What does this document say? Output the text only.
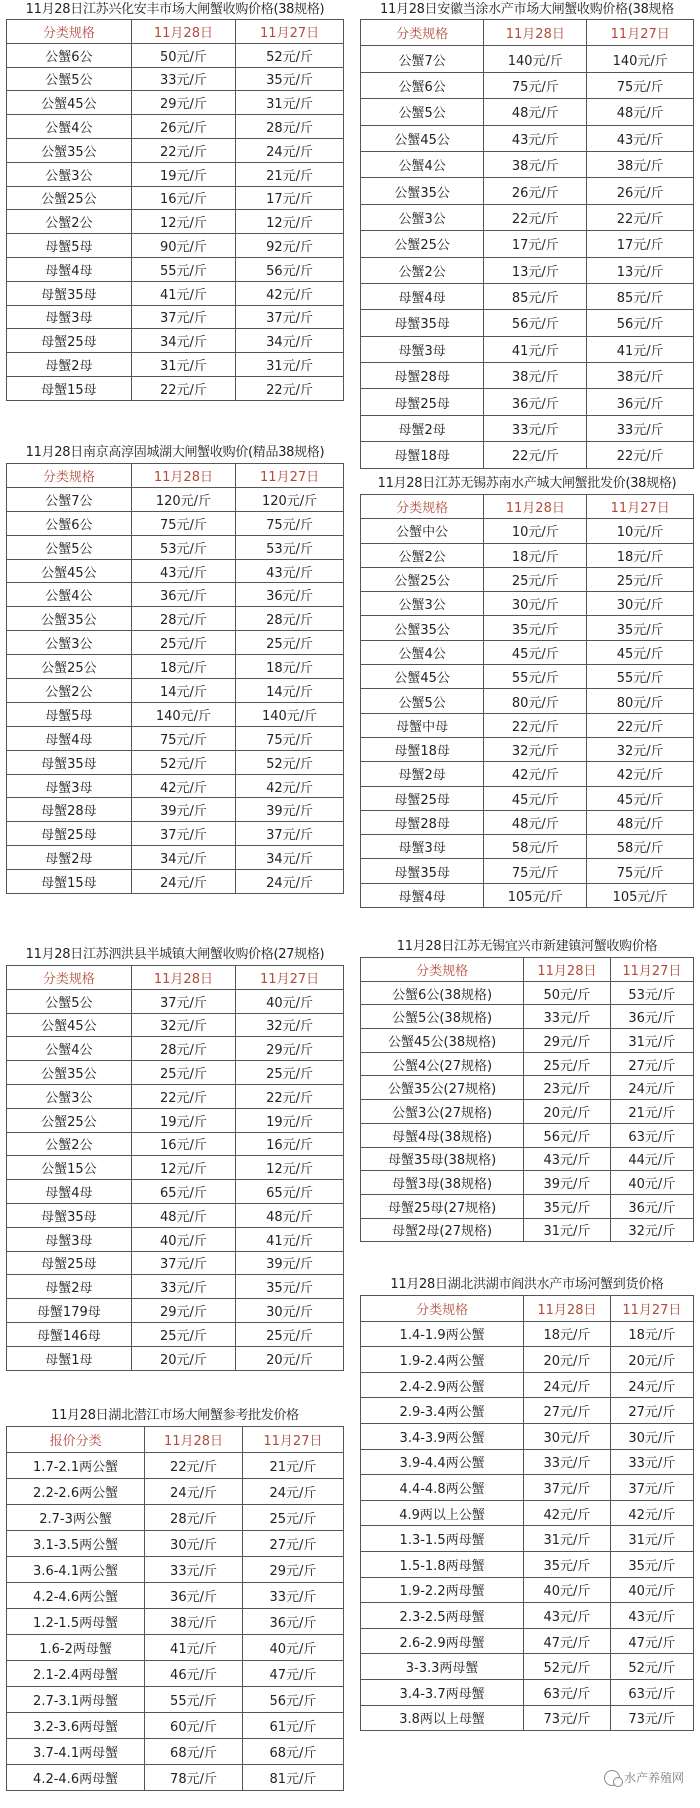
11月28日江苏兴化安丰市场大闸蟹收购价格(38规格)
分类规格	11月28日	11月27日
公蟹6公	50元/斤	52元/斤
公蟹5公	33元/斤	35元/斤
公蟹45公	29元/斤	31元/斤
公蟹4公	26元/斤	28元/斤
公蟹35公	22元/斤	24元/斤
公蟹3公	19元/斤	21元/斤
公蟹25公	16元/斤	17元/斤
公蟹2公	12元/斤	12元/斤
母蟹5母	90元/斤	92元/斤
母蟹4母	55元/斤	56元/斤
母蟹35母	41元/斤	42元/斤
母蟹3母	37元/斤	37元/斤
母蟹25母	34元/斤	34元/斤
母蟹2母	31元/斤	31元/斤
母蟹15母	22元/斤	22元/斤
11月28日南京高淳固城湖大闸蟹收购价(精品38规格)
分类规格	11月28日	11月27日
公蟹7公	120元/斤	120元/斤
公蟹6公	75元/斤	75元/斤
公蟹5公	53元/斤	53元/斤
公蟹45公	43元/斤	43元/斤
公蟹4公	36元/斤	36元/斤
公蟹35公	28元/斤	28元/斤
公蟹3公	25元/斤	25元/斤
公蟹25公	18元/斤	18元/斤
公蟹2公	14元/斤	14元/斤
母蟹5母	140元/斤	140元/斤
母蟹4母	75元/斤	75元/斤
母蟹35母	52元/斤	52元/斤
母蟹3母	42元/斤	42元/斤
母蟹28母	39元/斤	39元/斤
母蟹25母	37元/斤	37元/斤
母蟹2母	34元/斤	34元/斤
母蟹15母	24元/斤	24元/斤
11月28日江苏泗洪县半城镇大闸蟹收购价格(27规格)
分类规格	11月28日	11月27日
公蟹5公	37元/斤	40元/斤
公蟹45公	32元/斤	32元/斤
公蟹4公	28元/斤	29元/斤
公蟹35公	25元/斤	25元/斤
公蟹3公	22元/斤	22元/斤
公蟹25公	19元/斤	19元/斤
公蟹2公	16元/斤	16元/斤
公蟹15公	12元/斤	12元/斤
母蟹4母	65元/斤	65元/斤
母蟹35母	48元/斤	48元/斤
母蟹3母	40元/斤	41元/斤
母蟹25母	37元/斤	39元/斤
母蟹2母	33元/斤	35元/斤
母蟹179母	29元/斤	30元/斤
母蟹146母	25元/斤	25元/斤
母蟹1母	20元/斤	20元/斤
11月28日湖北潜江市场大闸蟹参考批发价格
报价分类	11月28日	11月27日
1.7-2.1两公蟹	22元/斤	21元/斤
2.2-2.6两公蟹	24元/斤	24元/斤
2.7-3两公蟹	28元/斤	25元/斤
3.1-3.5两公蟹	30元/斤	27元/斤
3.6-4.1两公蟹	33元/斤	29元/斤
4.2-4.6两公蟹	36元/斤	33元/斤
1.2-1.5两母蟹	38元/斤	36元/斤
1.6-2两母蟹	41元/斤	40元/斤
2.1-2.4两母蟹	46元/斤	47元/斤
2.7-3.1两母蟹	55元/斤	56元/斤
3.2-3.6两母蟹	60元/斤	61元/斤
3.7-4.1两母蟹	68元/斤	68元/斤
4.2-4.6两母蟹	78元/斤	81元/斤
11月28日安徽当涂水产市场大闸蟹收购价格(38规格
分类规格	11月28日	11月27日
公蟹7公	140元/斤	140元/斤
公蟹6公	75元/斤	75元/斤
公蟹5公	48元/斤	48元/斤
公蟹45公	43元/斤	43元/斤
公蟹4公	38元/斤	38元/斤
公蟹35公	26元/斤	26元/斤
公蟹3公	22元/斤	22元/斤
公蟹25公	17元/斤	17元/斤
公蟹2公	13元/斤	13元/斤
母蟹4母	85元/斤	85元/斤
母蟹35母	56元/斤	56元/斤
母蟹3母	41元/斤	41元/斤
母蟹28母	38元/斤	38元/斤
母蟹25母	36元/斤	36元/斤
母蟹2母	33元/斤	33元/斤
母蟹18母	22元/斤	22元/斤
11月28日江苏无锡苏南水产城大闸蟹批发价(38规格)
分类规格	11月28日	11月27日
公蟹中公	10元/斤	10元/斤
公蟹2公	18元/斤	18元/斤
公蟹25公	25元/斤	25元/斤
公蟹3公	30元/斤	30元/斤
公蟹35公	35元/斤	35元/斤
公蟹4公	45元/斤	45元/斤
公蟹45公	55元/斤	55元/斤
公蟹5公	80元/斤	80元/斤
母蟹中母	22元/斤	22元/斤
母蟹18母	32元/斤	32元/斤
母蟹2母	42元/斤	42元/斤
母蟹25母	45元/斤	45元/斤
母蟹28母	48元/斤	48元/斤
母蟹3母	58元/斤	58元/斤
母蟹35母	75元/斤	75元/斤
母蟹4母	105元/斤	105元/斤
11月28日江苏无锡宜兴市新建镇河蟹收购价格
分类规格	11月28日	11月27日
公蟹6公(38规格)	50元/斤	53元/斤
公蟹5公(38规格)	33元/斤	36元/斤
公蟹45公(38规格)	29元/斤	31元/斤
公蟹4公(27规格)	25元/斤	27元/斤
公蟹35公(27规格)	23元/斤	24元/斤
公蟹3公(27规格)	20元/斤	21元/斤
母蟹4母(38规格)	56元/斤	63元/斤
母蟹35母(38规格)	43元/斤	44元/斤
母蟹3母(38规格)	39元/斤	40元/斤
母蟹25母(27规格)	35元/斤	36元/斤
母蟹2母(27规格)	31元/斤	32元/斤
11月28日湖北洪湖市阎洪水产市场河蟹到货价格
分类规格	11月28日	11月27日
1.4-1.9两公蟹	18元/斤	18元/斤
1.9-2.4两公蟹	20元/斤	20元/斤
2.4-2.9两公蟹	24元/斤	24元/斤
2.9-3.4两公蟹	27元/斤	27元/斤
3.4-3.9两公蟹	30元/斤	30元/斤
3.9-4.4两公蟹	33元/斤	33元/斤
4.4-4.8两公蟹	37元/斤	37元/斤
4.9两以上公蟹	42元/斤	42元/斤
1.3-1.5两母蟹	31元/斤	31元/斤
1.5-1.8两母蟹	35元/斤	35元/斤
1.9-2.2两母蟹	40元/斤	40元/斤
2.3-2.5两母蟹	43元/斤	43元/斤
2.6-2.9两母蟹	47元/斤	47元/斤
3-3.3两母蟹	52元/斤	52元/斤
3.4-3.7两母蟹	63元/斤	63元/斤
3.8两以上母蟹	73元/斤	73元/斤
水产养殖网
